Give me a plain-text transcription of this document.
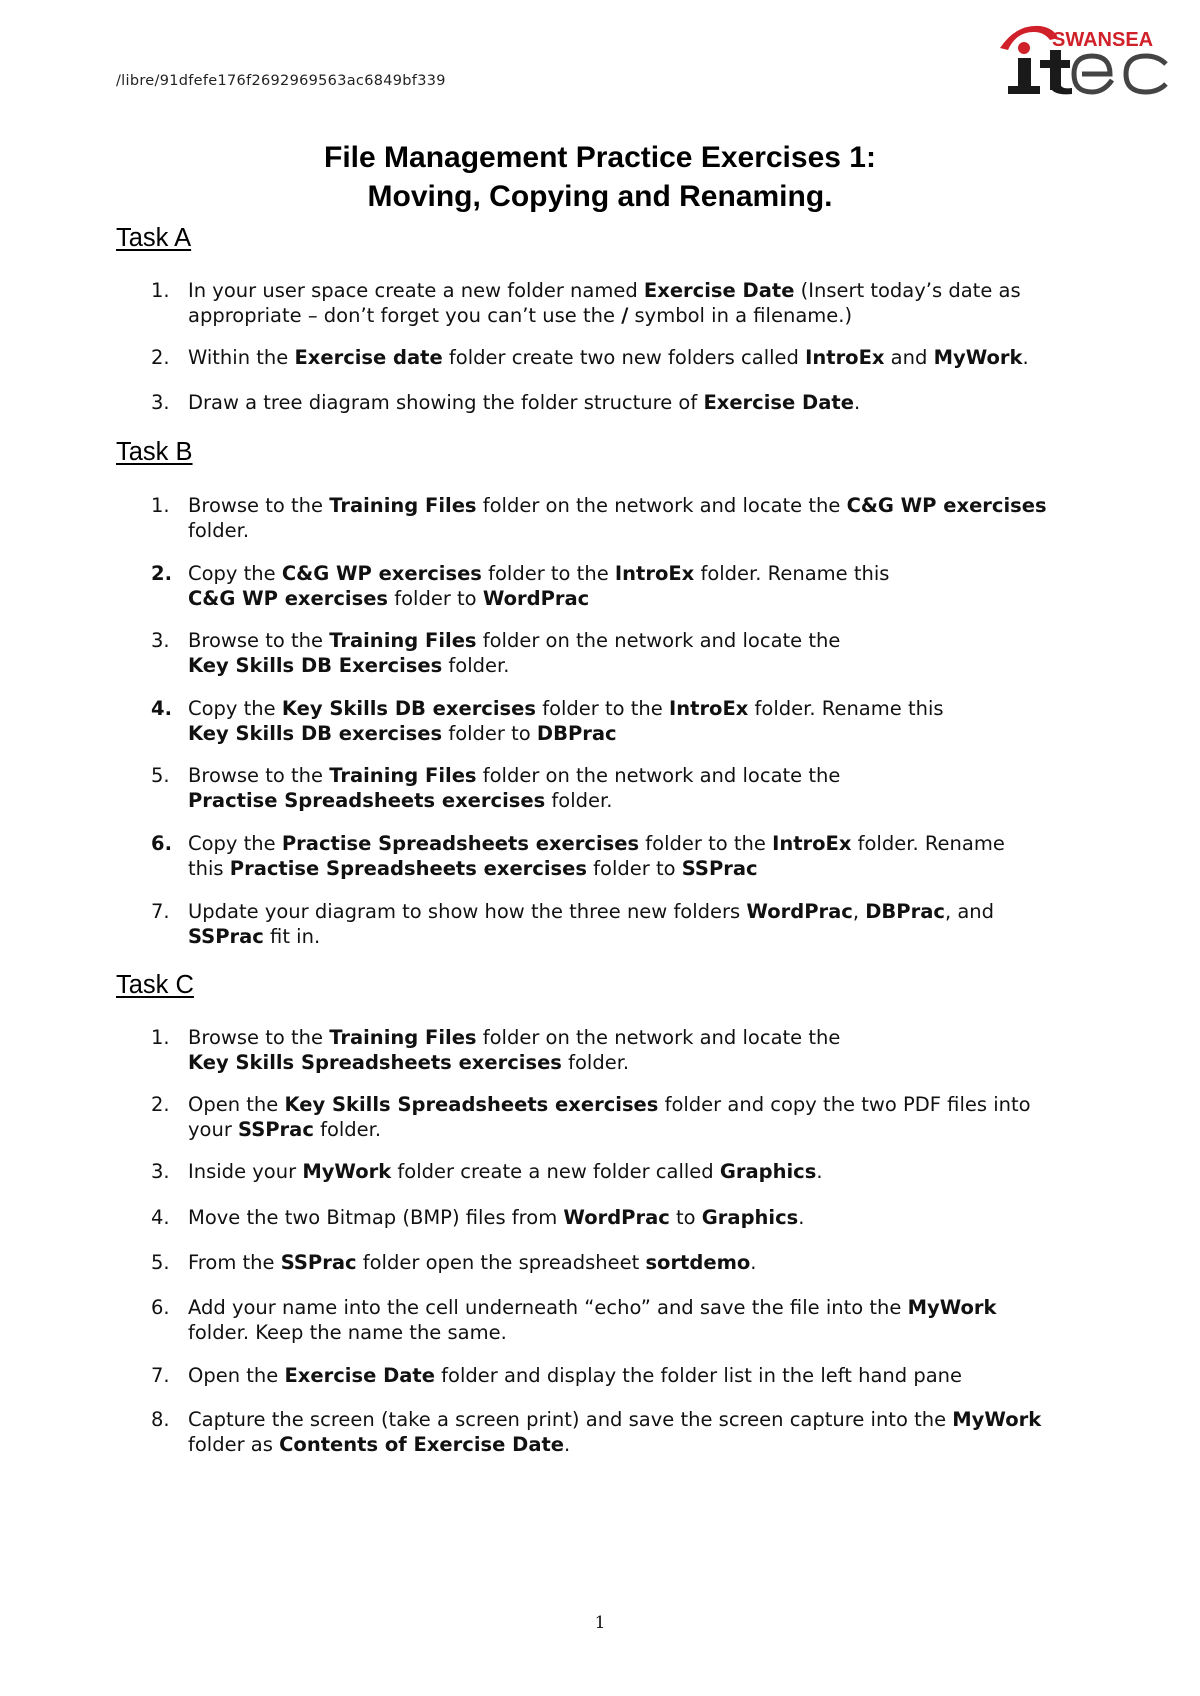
/libre/91dfefe176f2692969563ac6849bf339
SWANSEA
File Management Practice Exercises 1:
Moving, Copying and Renaming.
Task A
1. In your user space create a new folder named Exercise Date (Insert today’s date as
appropriate – don’t forget you can’t use the / symbol in a filename.)
2. Within the Exercise date folder create two new folders called IntroEx and MyWork.
3. Draw a tree diagram showing the folder structure of Exercise Date.
Task B
1. Browse to the Training Files folder on the network and locate the C&G WP exercises
folder.
2. Copy the C&G WP exercises folder to the IntroEx folder. Rename this
C&G WP exercises folder to WordPrac
3. Browse to the Training Files folder on the network and locate the
Key Skills DB Exercises folder.
4. Copy the Key Skills DB exercises folder to the IntroEx folder. Rename this
Key Skills DB exercises folder to DBPrac
5. Browse to the Training Files folder on the network and locate the
Practise Spreadsheets exercises folder.
6. Copy the Practise Spreadsheets exercises folder to the IntroEx folder. Rename
this Practise Spreadsheets exercises folder to SSPrac
7. Update your diagram to show how the three new folders WordPrac, DBPrac, and
SSPrac fit in.
Task C
1. Browse to the Training Files folder on the network and locate the
Key Skills Spreadsheets exercises folder.
2. Open the Key Skills Spreadsheets exercises folder and copy the two PDF files into
your SSPrac folder.
3. Inside your MyWork folder create a new folder called Graphics.
4. Move the two Bitmap (BMP) files from WordPrac to Graphics.
5. From the SSPrac folder open the spreadsheet sortdemo.
6. Add your name into the cell underneath “echo” and save the file into the MyWork
folder. Keep the name the same.
7. Open the Exercise Date folder and display the folder list in the left hand pane
8. Capture the screen (take a screen print) and save the screen capture into the MyWork
folder as Contents of Exercise Date.
1
